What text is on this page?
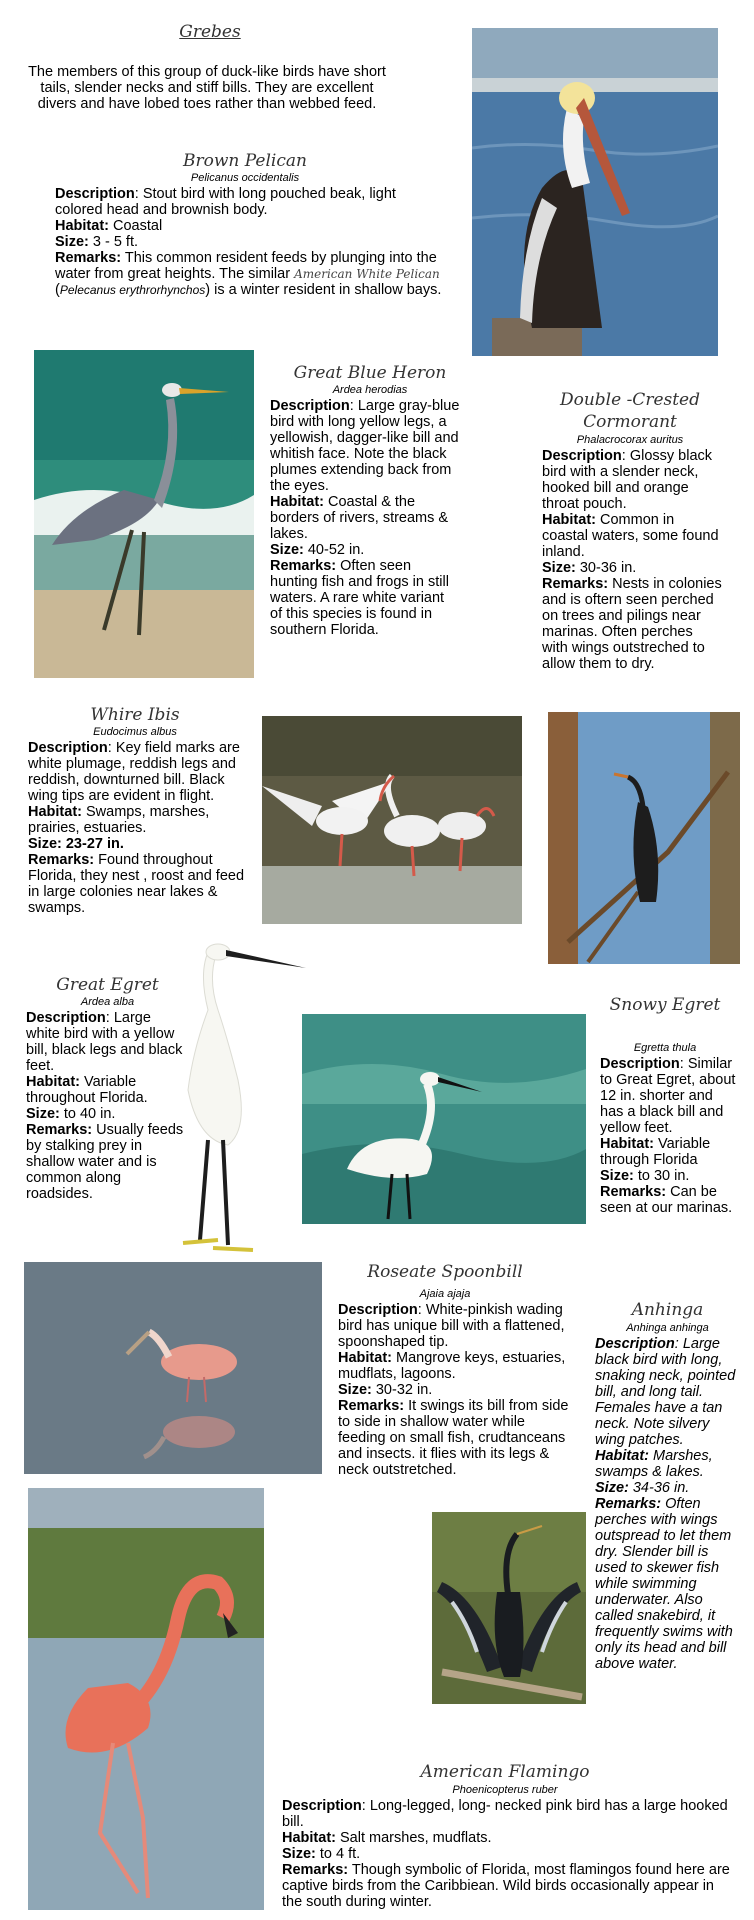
Grebes
The members of this group of duck-like birds have short tails, slender necks and stiff bills. They are excellent divers and have lobed toes rather than webbed feed.
Brown Pelican
Pelicanus occidentalis
Description: Stout bird with long pouched beak, light colored head and brownish body.
Habitat: Coastal
Size: 3 - 5 ft.
Remarks: This common resident feeds by plunging into the water from great heights. The similar American White Pelican (Pelecanus erythrorhynchos) is a winter resident in shallow bays.
Great Blue Heron
Ardea herodias
Description: Large gray-blue bird with long yellow legs, a yellowish, dagger-like bill and whitish face. Note the black plumes extending back from the eyes.
Habitat: Coastal & the borders of rivers, streams & lakes.
Size: 40-52 in.
Remarks: Often seen hunting fish and frogs in still waters. A rare white variant of this species is found in southern Florida.
Double -Crested
Cormorant
Phalacrocorax auritus
Description: Glossy black bird with a slender neck, hooked bill and orange throat pouch.
Habitat: Common in coastal waters, some found inland.
Size: 30-36 in.
Remarks: Nests in colonies and is oftern seen perched on trees and pilings near marinas. Often perches with wings outstreched to allow them to dry.
Whire Ibis
Eudocimus albus
Description: Key field marks are white plumage, reddish legs and reddish, downturned bill. Black wing tips are evident in flight. Habitat: Swamps, marshes, prairies, estuaries.
Size: 23-27 in.
Remarks: Found throughout Florida, they nest , roost and feed in large colonies near lakes & swamps.
Great Egret
Ardea alba
Description: Large white bird with a yellow bill, black legs and black feet.
Habitat: Variable throughout Florida.
Size: to 40 in.
Remarks: Usually feeds by stalking prey in shallow water and is common along roadsides.
Snowy Egret
Egretta thula
Description: Similar to Great Egret, about 12 in. shorter and has a black bill and yellow feet.
Habitat: Variable through Florida
Size: to 30 in.
Remarks: Can be seen at our marinas.
Roseate Spoonbill
Ajaia ajaja
Description: White-pinkish wading bird has unique bill with a flattened, spoonshaped tip.
Habitat: Mangrove keys, estuaries, mudflats, lagoons.
Size: 30-32 in.
Remarks: It swings its bill from side to side in shallow water while feeding on small fish, crudtanceans and insects. it flies with its legs & neck outstretched.
Anhinga
Anhinga anhinga
Description: Large black bird with long, snaking neck, pointed bill, and long tail. Females have a tan neck. Note silvery wing patches.
Habitat: Marshes, swamps & lakes.
Size: 34-36 in.
Remarks: Often perches with wings outspread to let them dry. Slender bill is used to skewer fish while swimming underwater. Also called snakebird, it frequently swims with only its head and bill above water.
American Flamingo
Phoenicopterus ruber
Description: Long-legged, long- necked pink bird has a large hooked bill.
Habitat: Salt marshes, mudflats.
Size: to 4 ft.
Remarks: Though symbolic of Florida, most flamingos found here are captive birds from the Caribbiean. Wild birds occasionally appear in the south during winter.
